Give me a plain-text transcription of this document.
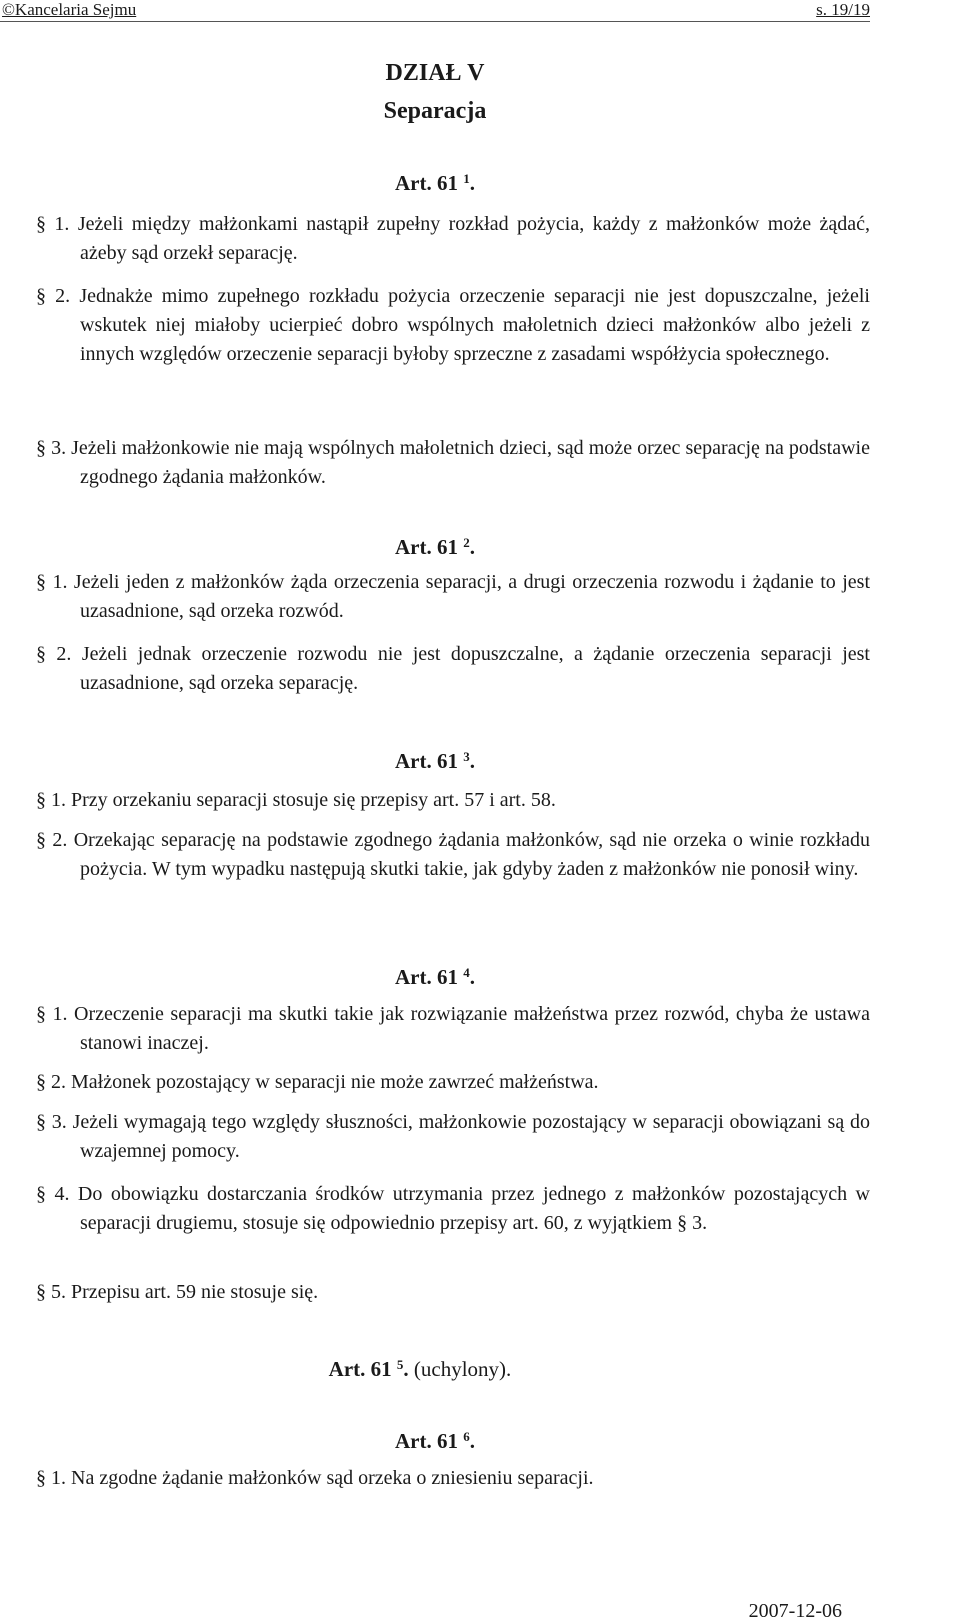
©Kancelaria Sejmu	s. 19/19
DZIAŁ V
Separacja
Art. 61 $^1$.
§ 1. Jeżeli między małżonkami nastąpił zupełny rozkład pożycia, każdy z małżonków może żądać, ażeby sąd orzekł separację.
§ 2. Jednakże mimo zupełnego rozkładu pożycia orzeczenie separacji nie jest dopuszczalne, jeżeli wskutek niej miałoby ucierpieć dobro wspólnych małoletnich dzieci małżonków albo jeżeli z innych względów orzeczenie separacji byłoby sprzeczne z zasadami współżycia społecznego.
§ 3. Jeżeli małżonkowie nie mają wspólnych małoletnich dzieci, sąd może orzec separację na podstawie zgodnego żądania małżonków.
Art. 61 $^2$.
§ 1. Jeżeli jeden z małżonków żąda orzeczenia separacji, a drugi orzeczenia rozwodu i żądanie to jest uzasadnione, sąd orzeka rozwód.
§ 2. Jeżeli jednak orzeczenie rozwodu nie jest dopuszczalne, a żądanie orzeczenia separacji jest uzasadnione, sąd orzeka separację.
Art. 61 $^3$.
§ 1. Przy orzekaniu separacji stosuje się przepisy art. 57 i art. 58.
§ 2. Orzekając separację na podstawie zgodnego żądania małżonków, sąd nie orzeka o winie rozkładu pożycia. W tym wypadku następują skutki takie, jak gdyby żaden z małżonków nie ponosił winy.
Art. 61 $^4$.
§ 1. Orzeczenie separacji ma skutki takie jak rozwiązanie małżeństwa przez rozwód, chyba że ustawa stanowi inaczej.
§ 2. Małżonek pozostający w separacji nie może zawrzeć małżeństwa.
§ 3. Jeżeli wymagają tego względy słuszności, małżonkowie pozostający w separacji obowiązani są do wzajemnej pomocy.
§ 4. Do obowiązku dostarczania środków utrzymania przez jednego z małżonków pozostających w separacji drugiemu, stosuje się odpowiednio przepisy art. 60, z wyjątkiem § 3.
§ 5. Przepisu art. 59 nie stosuje się.
Art. 61 $^5$. (uchylony).
Art. 61 $^6$.
§ 1. Na zgodne żądanie małżonków sąd orzeka o zniesieniu separacji.
2007-12-06
